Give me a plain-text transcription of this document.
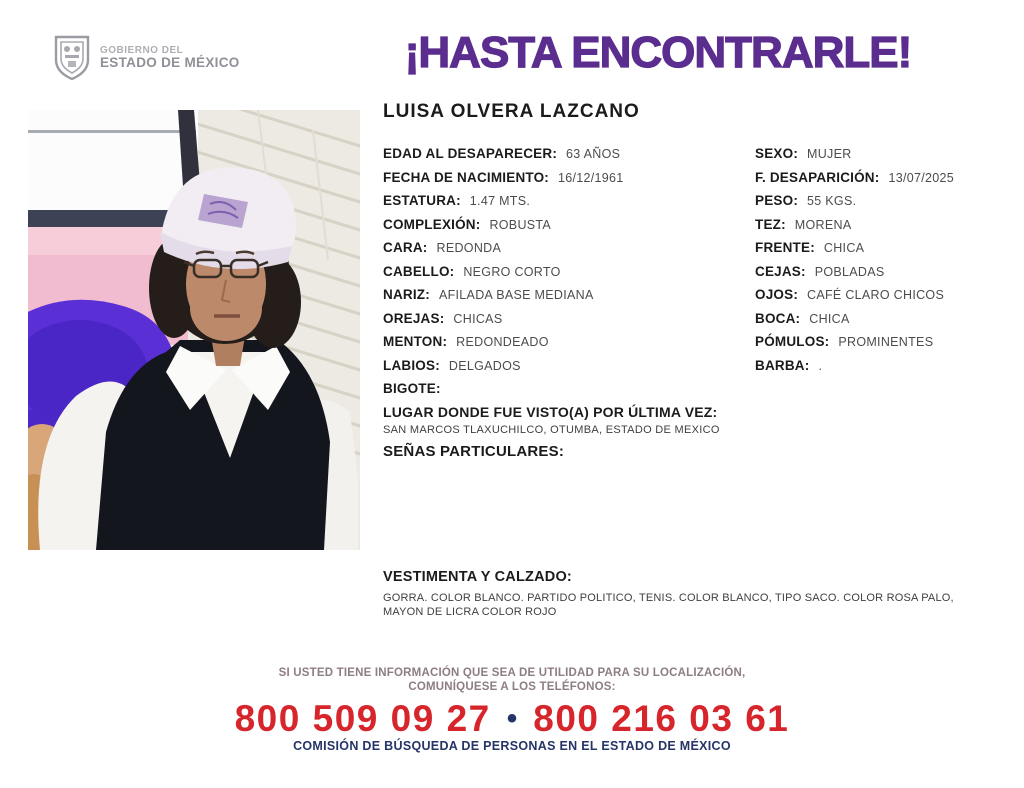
GOBIERNO DEL
ESTADO DE MÉXICO	¡HASTA ENCONTRARLE!
LUISA OLVERA LAZCANO
EDAD AL DESAPARECER: 63 AÑOS
FECHA DE NACIMIENTO: 16/12/1961
ESTATURA: 1.47 MTS.
COMPLEXIÓN: ROBUSTA
CARA: REDONDA
CABELLO: NEGRO CORTO
NARIZ: AFILADA BASE MEDIANA
OREJAS: CHICAS
MENTON: REDONDEADO
LABIOS: DELGADOS
BIGOTE:
SEXO: MUJER
F. DESAPARICIÓN: 13/07/2025
PESO: 55 KGS.
TEZ: MORENA
FRENTE: CHICA
CEJAS: POBLADAS
OJOS: CAFÉ CLARO CHICOS
BOCA: CHICA
PÓMULOS: PROMINENTES
BARBA: .
LUGAR DONDE FUE VISTO(A) POR ÚLTIMA VEZ:
SAN MARCOS TLAXUCHILCO, OTUMBA, ESTADO DE MEXICO
SEÑAS PARTICULARES:
VESTIMENTA Y CALZADO:
GORRA. COLOR BLANCO. PARTIDO POLITICO, TENIS. COLOR BLANCO, TIPO SACO. COLOR ROSA PALO, MAYON DE LICRA COLOR ROJO
SI USTED TIENE INFORMACIÓN QUE SEA DE UTILIDAD PARA SU LOCALIZACIÓN,
COMUNÍQUESE A LOS TELÉFONOS:
800 509 09 27 • 800 216 03 61
COMISIÓN DE BÚSQUEDA DE PERSONAS EN EL ESTADO DE MÉXICO
